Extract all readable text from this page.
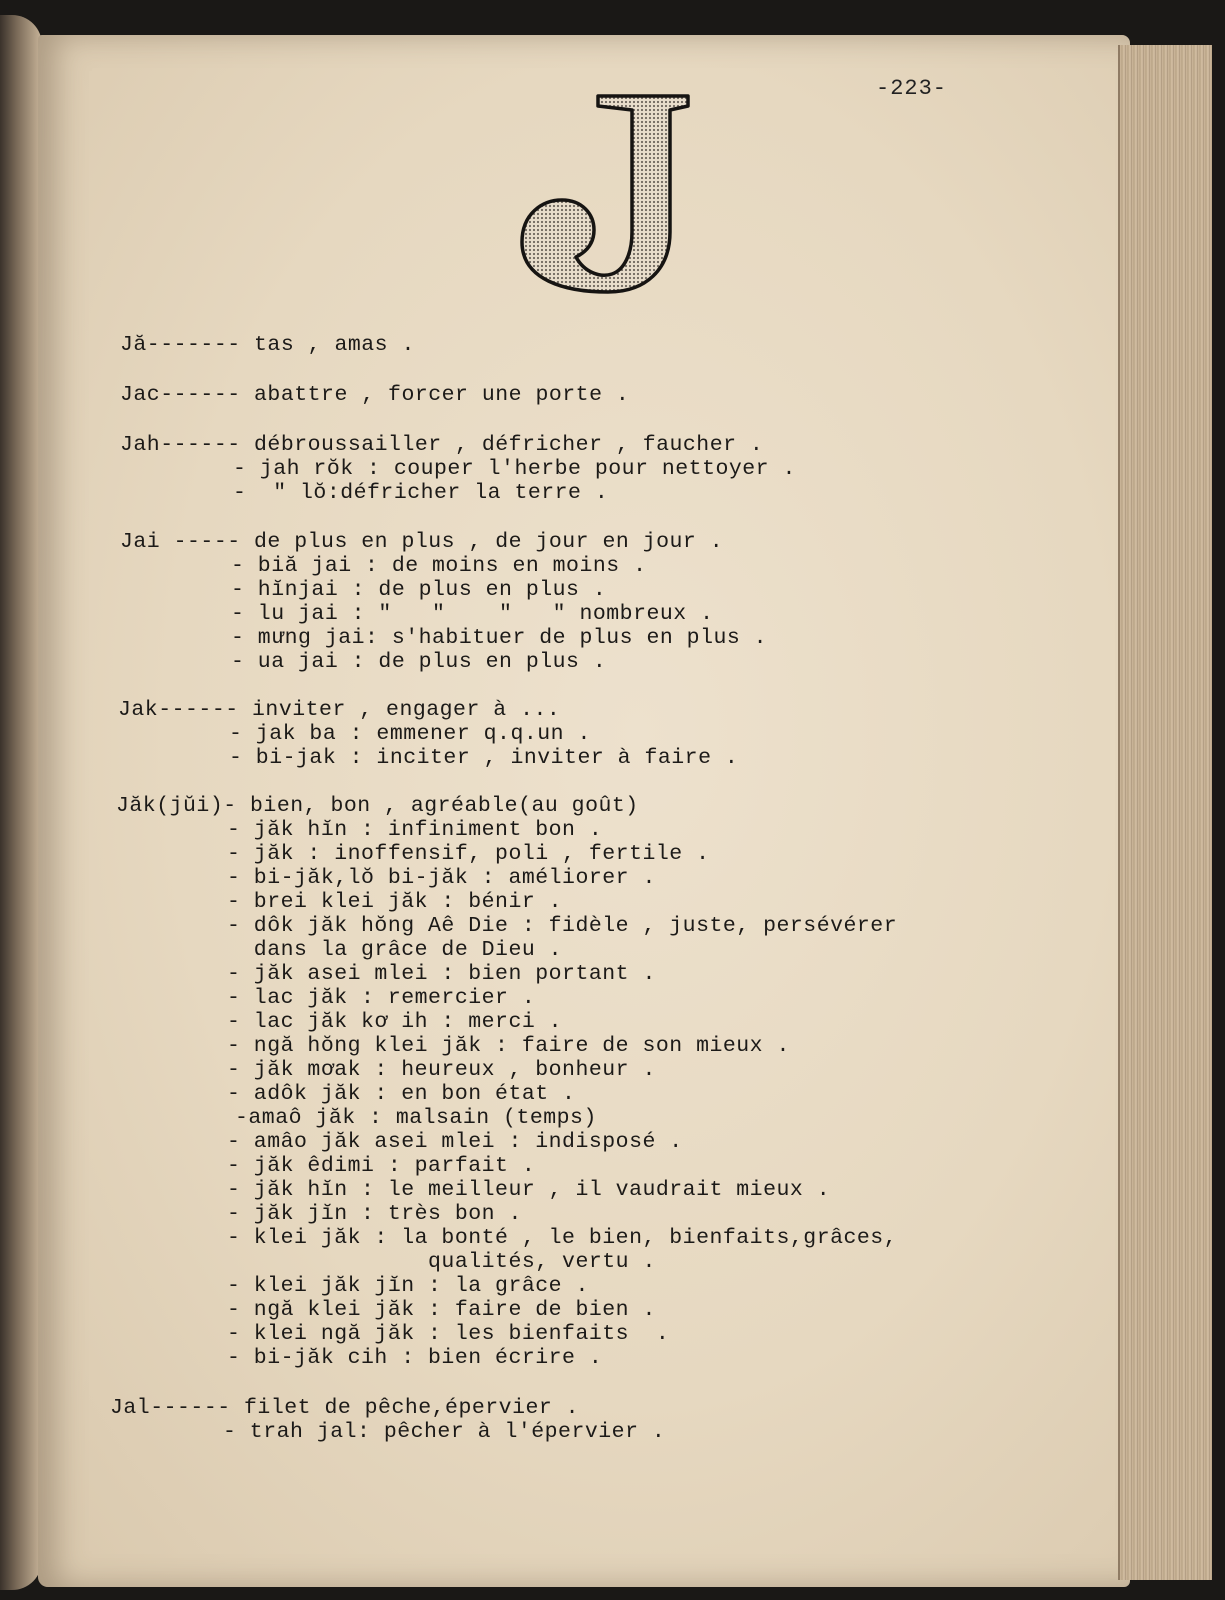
-223-
Jă------- tas , amas .
Jac------ abattre , forcer une porte .
Jah------ débroussailler , défricher , faucher .
- jah rŏk : couper l'herbe pour nettoyer .
-  " lŏ:défricher la terre .
Jai ----- de plus en plus , de jour en jour .
- biă jai : de moins en moins .
- hĭnjai : de plus en plus .
- lu jai : "   "    "   " nombreux .
- mưng jai: s'habituer de plus en plus .
- ua jai : de plus en plus .
Jak------ inviter , engager à ...
- jak ba : emmener q.q.un .
- bi-jak : inciter , inviter à faire .
Jăk(jŭi)- bien, bon , agréable(au goût)
- jăk hĭn : infiniment bon .
- jăk : inoffensif, poli , fertile .
- bi-jăk,lŏ bi-jăk : améliorer .
- brei klei jăk : bénir .
- dôk jăk hŏng Aê Die : fidèle , juste, persévérer
dans la grâce de Dieu .
- jăk asei mlei : bien portant .
- lac jăk : remercier .
- lac jăk kơ ih : merci .
- ngă hŏng klei jăk : faire de son mieux .
- jăk mơak : heureux , bonheur .
- adôk jăk : en bon état .
-amaô jăk : malsain (temps)
- amâo jăk asei mlei : indisposé .
- jăk êdimi : parfait .
- jăk hĭn : le meilleur , il vaudrait mieux .
- jăk jĭn : très bon .
- klei jăk : la bonté , le bien, bienfaits,grâces,
qualités, vertu .
- klei jăk jĭn : la grâce .
- ngă klei jăk : faire de bien .
- klei ngă jăk : les bienfaits  .
- bi-jăk cih : bien écrire .
Jal------ filet de pêche,épervier .
- trah jal: pêcher à l'épervier .
